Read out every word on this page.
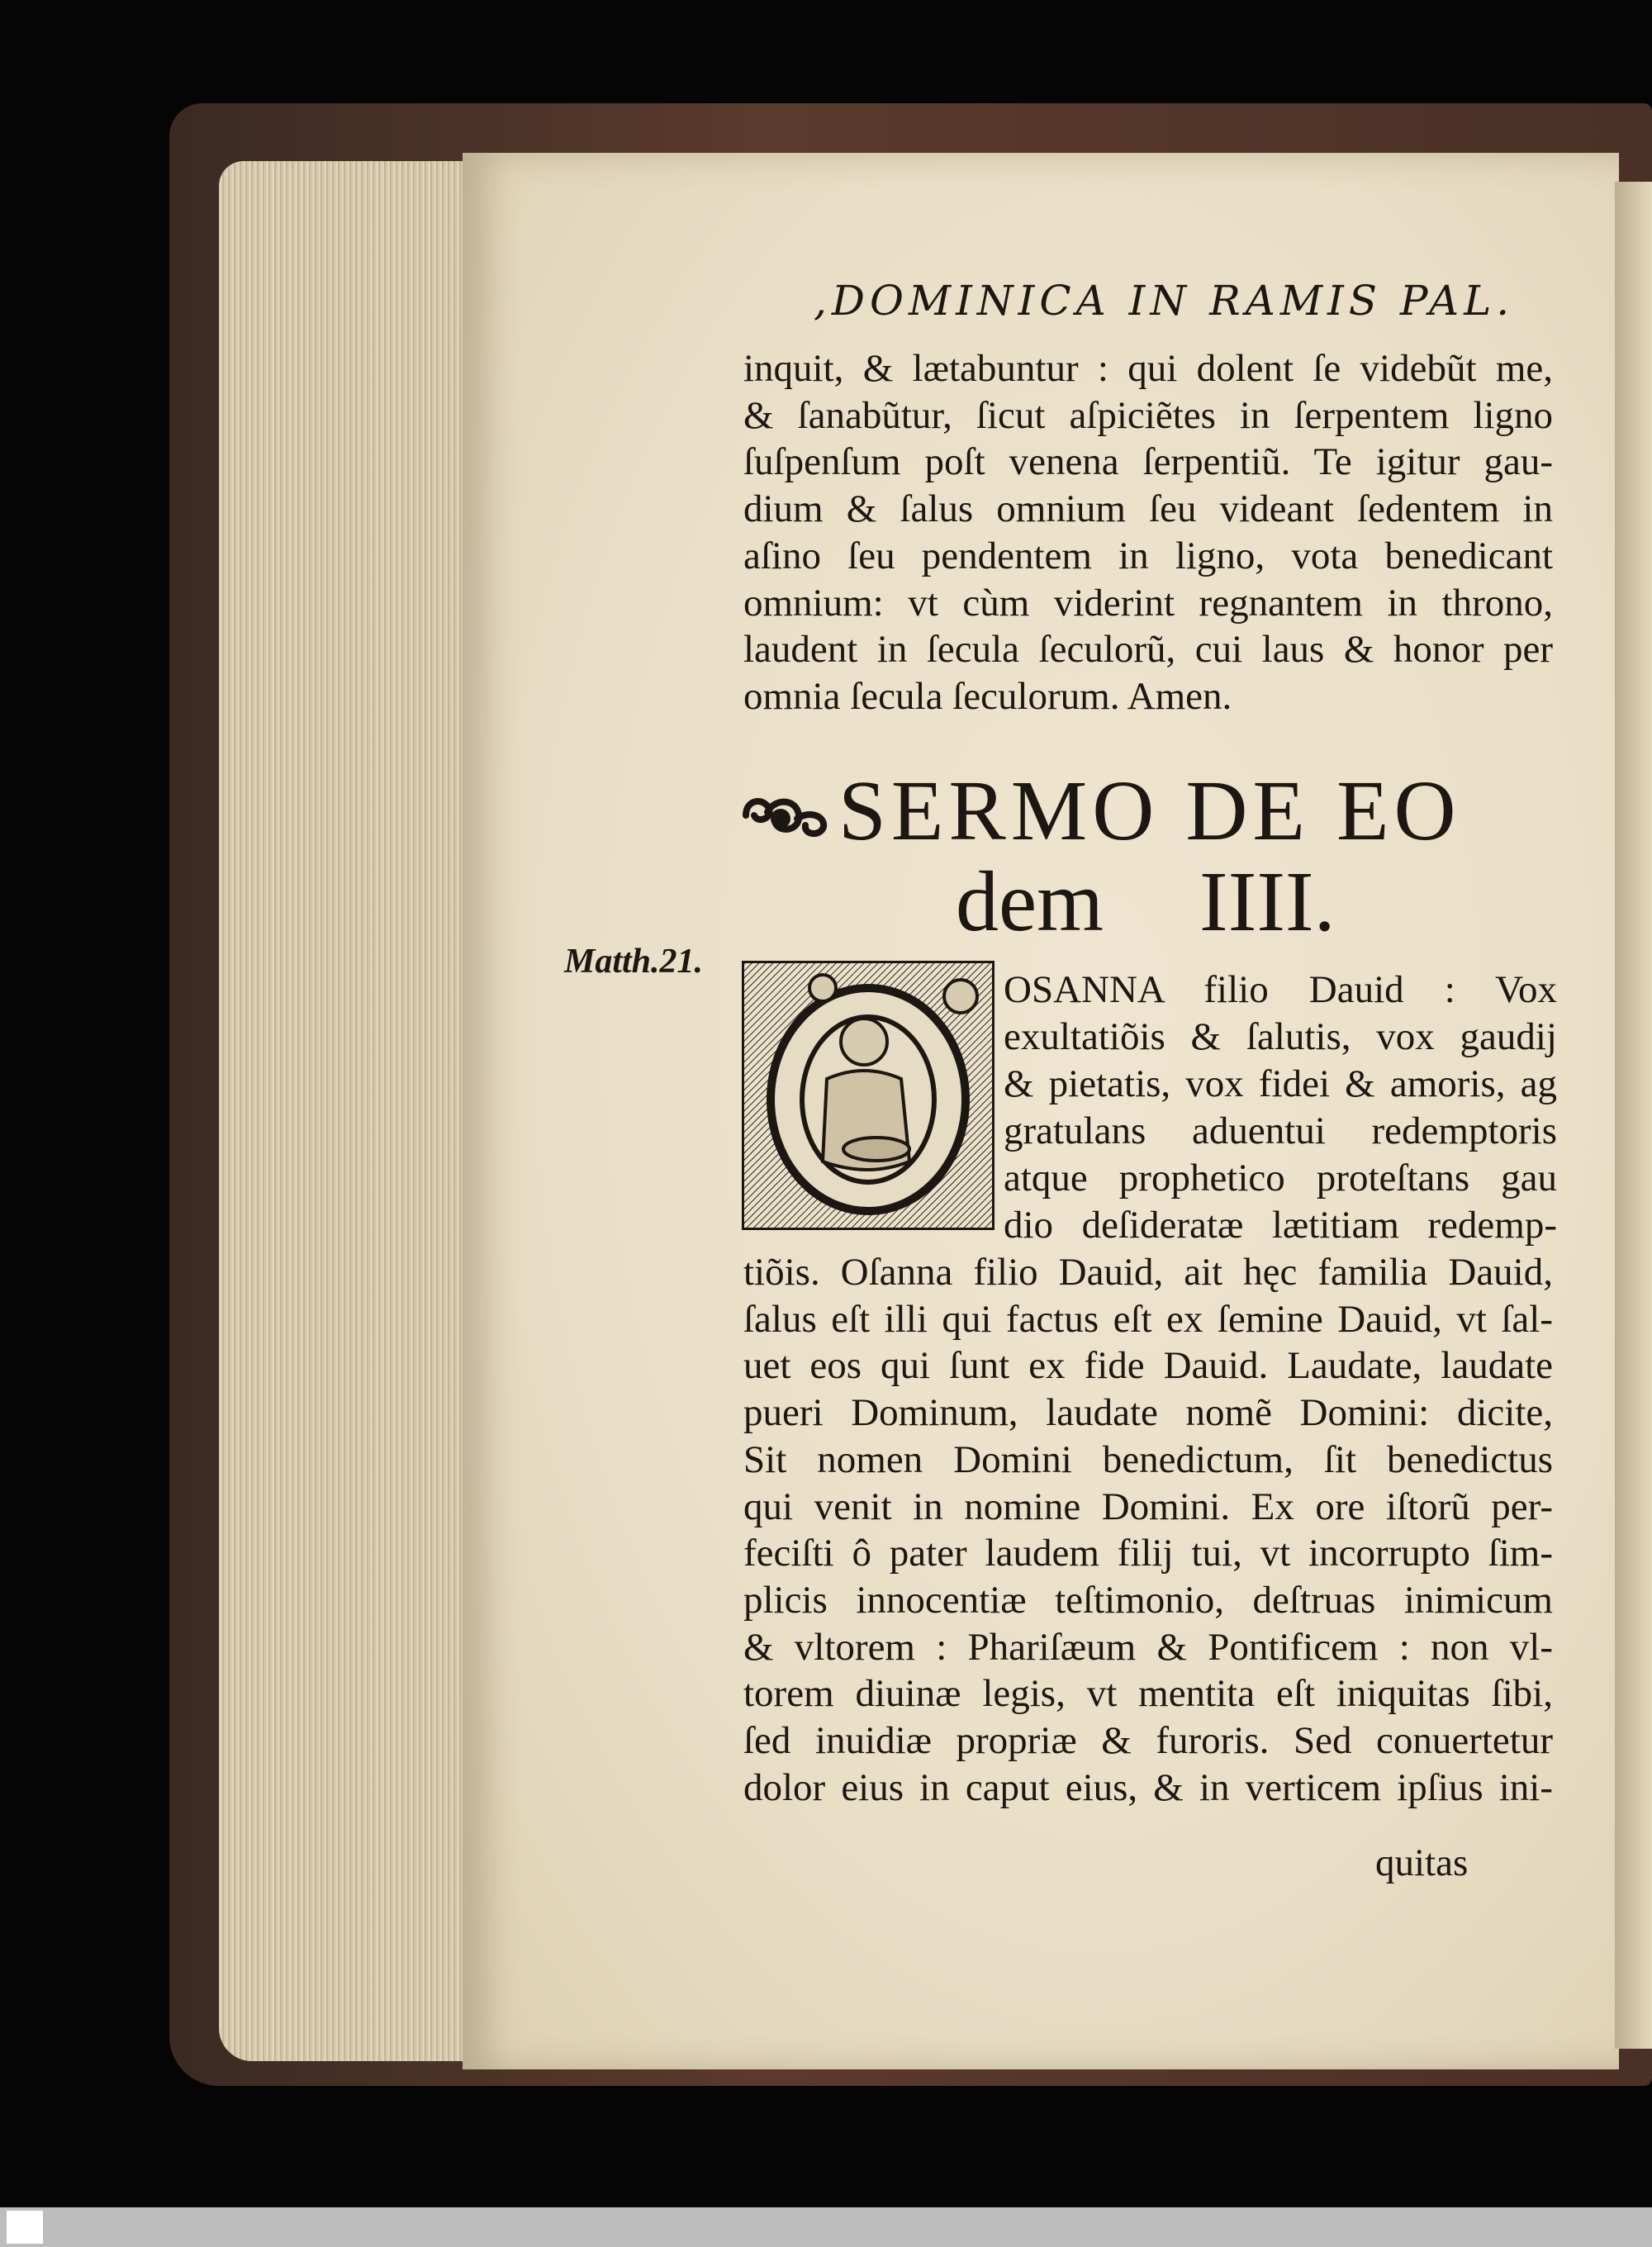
,DOMINICA IN RAMIS PAL.
inquit, & lætabuntur : qui dolent ſe videbũt me,
& ſanabũtur, ſicut aſpiciẽtes in ſerpentem ligno
ſuſpenſum poſt venena ſerpentiũ. Te igitur gau-
dium & ſalus omnium ſeu videant ſedentem in
aſino ſeu pendentem in ligno, vota benedicant
omnium: vt cùm viderint regnantem in throno,
laudent in ſecula ſeculorũ, cui laus & honor per
omnia ſecula ſeculorum. Amen.
SERMO DE EO
dem IIII.
Matth.21.
OSANNA filio Dauid : Vox
exultatiõis & ſalutis, vox gaudij
& pietatis, vox fidei & amoris, ag
gratulans aduentui redemptoris
atque prophetico proteſtans gau
dio deſideratæ lætitiam redemp-
tiõis. Oſanna filio Dauid, ait hęc familia Dauid,
ſalus eſt illi qui factus eſt ex ſemine Dauid, vt ſal-
uet eos qui ſunt ex fide Dauid. Laudate, laudate
pueri Dominum, laudate nomẽ Domini: dicite,
Sit nomen Domini benedictum, ſit benedictus
qui venit in nomine Domini. Ex ore iſtorũ per-
feciſti ô pater laudem filij tui, vt incorrupto ſim-
plicis innocentiæ teſtimonio, deſtruas inimicum
& vltorem : Phariſæum & Pontificem : non vl-
torem diuinæ legis, vt mentita eſt iniquitas ſibi,
ſed inuidiæ propriæ & furoris. Sed conuertetur
dolor eius in caput eius, & in verticem ipſius ini-
quitas
